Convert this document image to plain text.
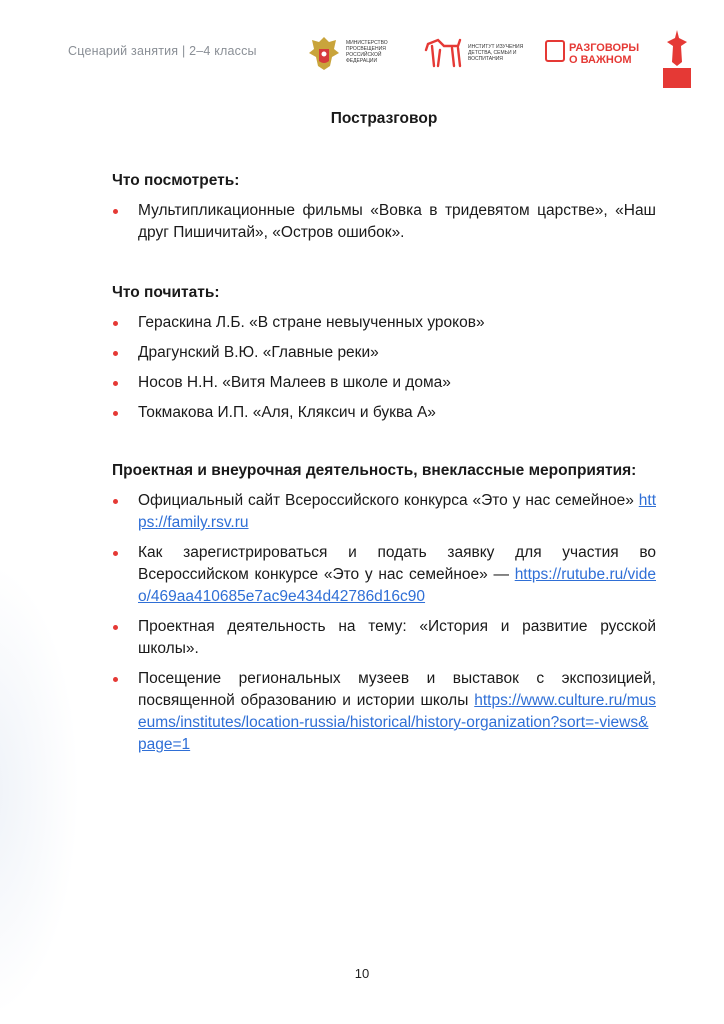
Сценарий занятия | 2–4 классы
МИНИСТЕРСТВО ПРОСВЕЩЕНИЯ РОССИЙСКОЙ ФЕДЕРАЦИИ
ИНСТИТУТ ИЗУЧЕНИЯ ДЕТСТВА, СЕМЬИ И ВОСПИТАНИЯ
РАЗГОВОРЫ О ВАЖНОМ
Постразговор

Что посмотреть:

Мультипликационные фильмы «Вовка в тридевятом царстве», «Наш друг Пишичитай», «Остров ошибок».

Что почитать:

Гераскина Л.Б. «В стране невыученных уроков»
Драгунский В.Ю. «Главные реки»
Носов Н.Н. «Витя Малеев в школе и дома»
Токмакова И.П. «Аля, Кляксич и буква А»

Проектная и внеурочная деятельность, внеклассные мероприятия:

Официальный сайт Всероссийского конкурса «Это у нас семейное» https://family.rsv.ru
Как зарегистрироваться и подать заявку для участия во Всероссийском конкурсе «Это у нас семейное» — https://rutube.ru/video/469aa410685e7ac9e434d42786d16c90
Проектная деятельность на тему: «История и развитие русской школы».
Посещение региональных музеев и выставок с экспозицией, посвященной образованию и истории школы https://www.culture.ru/museums/institutes/location-russia/historical/history-organization?sort=-views&page=1
10
